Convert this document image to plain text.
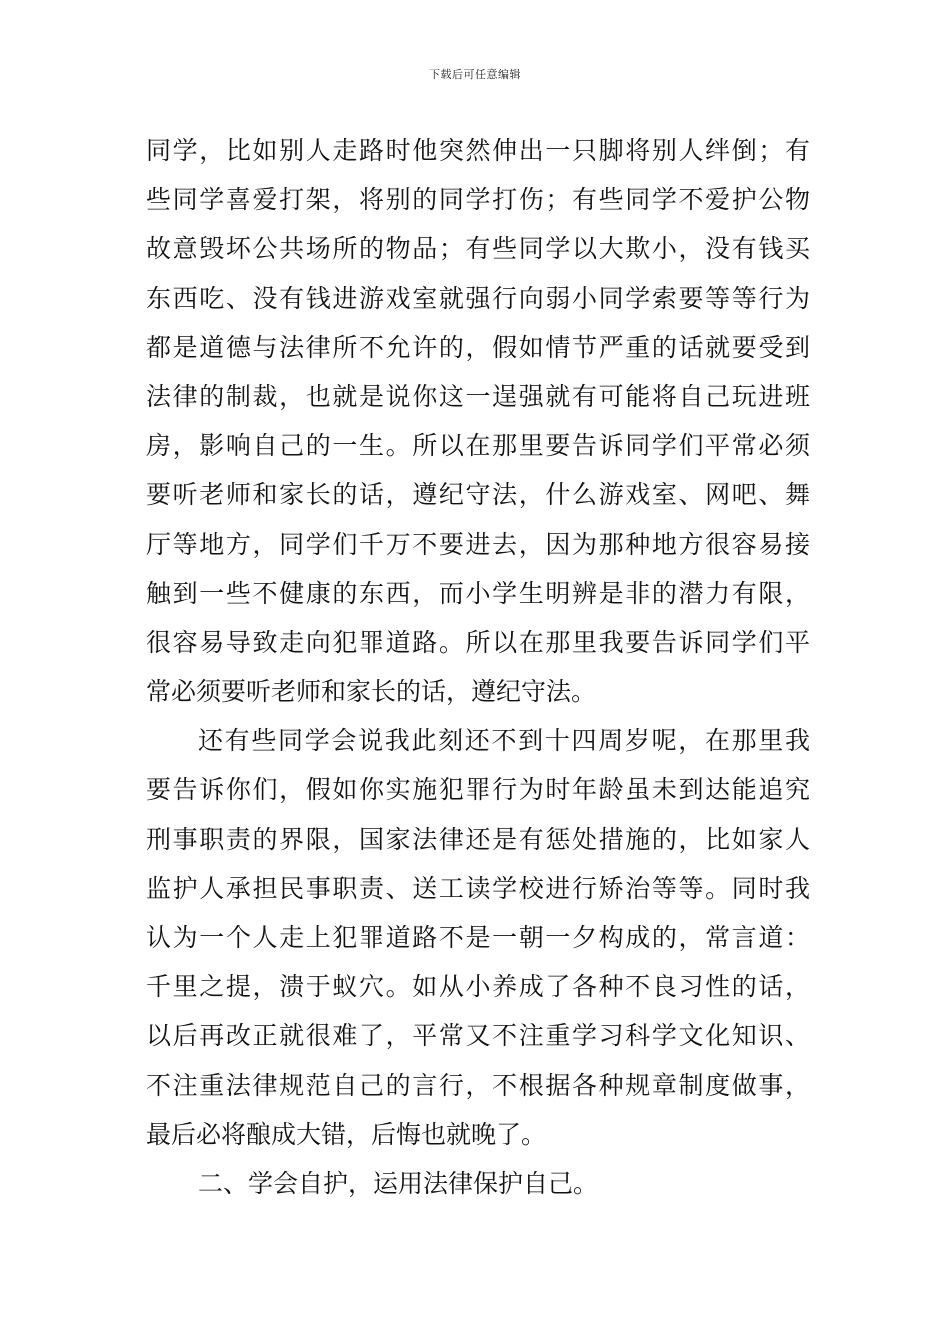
下载后可任意编辑
同学，比如别人走路时他突然伸出一只脚将别人绊倒；有
些同学喜爱打架，将别的同学打伤；有些同学不爱护公物
故意毁坏公共场所的物品；有些同学以大欺小，没有钱买
东西吃、没有钱进游戏室就强行向弱小同学索要等等行为
都是道德与法律所不允许的，假如情节严重的话就要受到
法律的制裁，也就是说你这一逞强就有可能将自己玩进班
房，影响自己的一生。所以在那里要告诉同学们平常必须
要听老师和家长的话，遵纪守法，什么游戏室、网吧、舞
厅等地方，同学们千万不要进去，因为那种地方很容易接
触到一些不健康的东西，而小学生明辨是非的潜力有限，
很容易导致走向犯罪道路。所以在那里我要告诉同学们平
常必须要听老师和家长的话，遵纪守法。
还有些同学会说我此刻还不到十四周岁呢，在那里我
要告诉你们，假如你实施犯罪行为时年龄虽未到达能追究
刑事职责的界限，国家法律还是有惩处措施的，比如家人
监护人承担民事职责、送工读学校进行矫治等等。同时我
认为一个人走上犯罪道路不是一朝一夕构成的，常言道：
千里之提，溃于蚁穴。如从小养成了各种不良习性的话，
以后再改正就很难了，平常又不注重学习科学文化知识、
不注重法律规范自己的言行，不根据各种规章制度做事，
最后必将酿成大错，后悔也就晚了。
二、学会自护，运用法律保护自己。
